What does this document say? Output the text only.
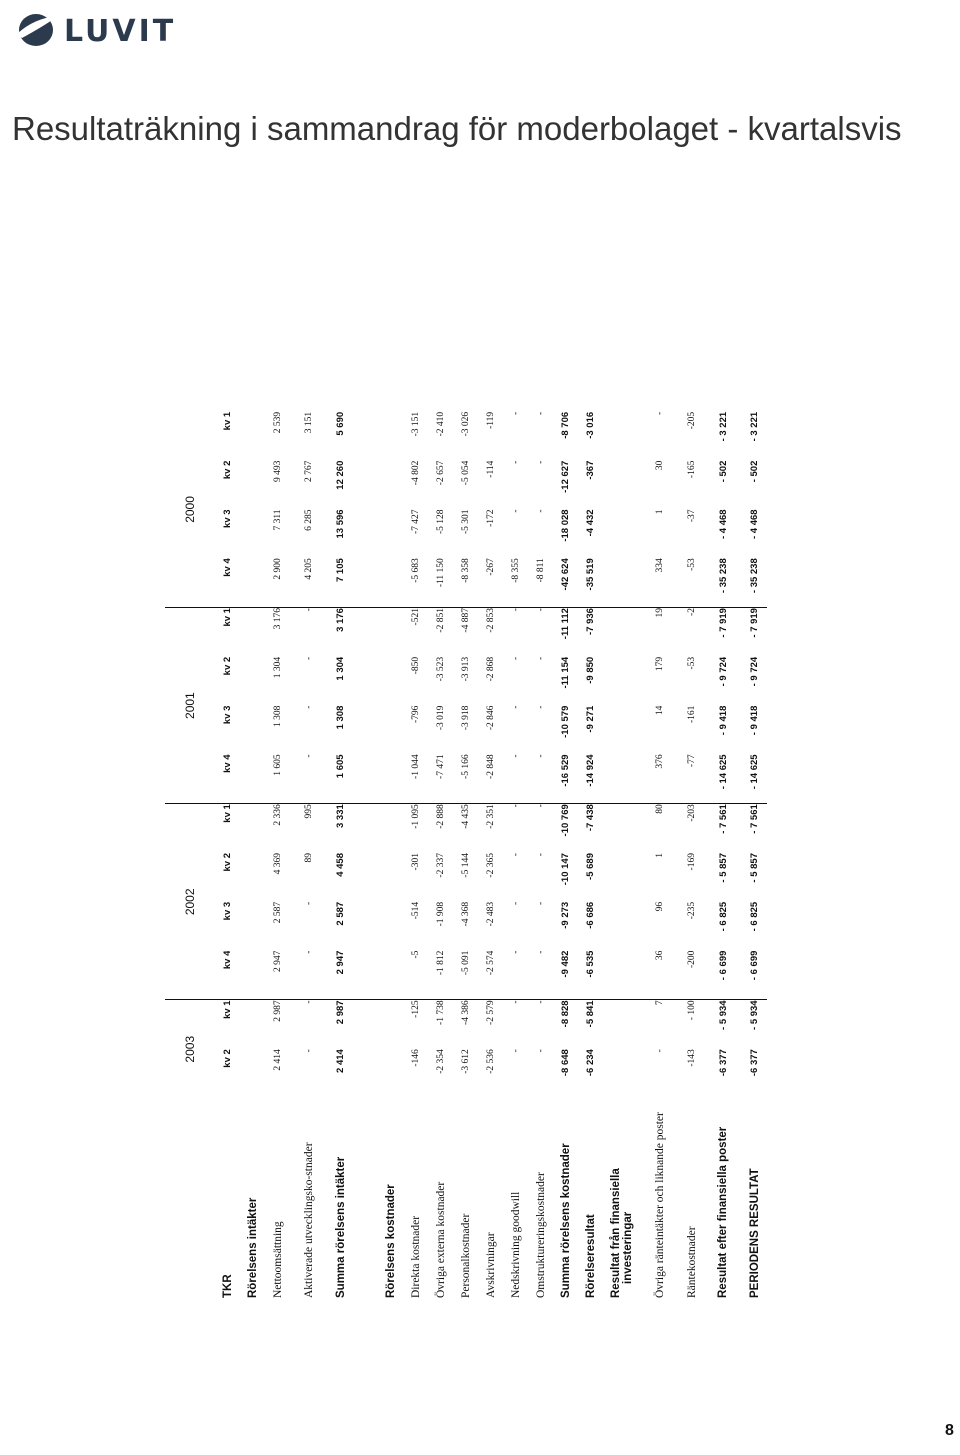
LUVIT
Resultaträkning i sammandrag för moderbolaget - kvartalsvis
	2003		2002				2001				2000			
TKR	kv 2	kv 1	kv 4	kv 3	kv 2	kv 1	kv 4	kv 3	kv 2	kv 1	kv 4	kv 3	kv 2	kv 1
Rörelsens intäkter														
Nettoomsättning	2 414	2 987	2 947	2 587	4 369	2 336	1 605	1 308	1 304	3 176	2 900	7 311	9 493	2 539
Aktiverade utvecklingsko-stnader	-	-	-	-	89	995	-	-	-	-	4 205	6 285	2 767	3 151
Summa rörelsens intäkter	2 414	2 987	2 947	2 587	4 458	3 331	1 605	1 308	1 304	3 176	7 105	13 596	12 260	5 690

Rörelsens kostnader														
Direkta kostnader	-146	-125	-5	-514	-301	-1 095	-1 044	-796	-850	-521	-5 683	-7 427	-4 802	-3 151
Övriga externa kostnader	-2 354	-1 738	-1 812	-1 908	-2 337	-2 888	-7 471	-3 019	-3 523	-2 851	-11 150	-5 128	-2 657	-2 410
Personalkostnader	-3 612	-4 386	-5 091	-4 368	-5 144	-4 435	-5 166	-3 918	-3 913	-4 887	-8 358	-5 301	-5 054	-3 026
Avskrivningar	-2 536	-2 579	-2 574	-2 483	-2 365	-2 351	-2 848	-2 846	-2 868	-2 853	-267	-172	-114	-119
Nedskrivning goodwill	-	-	-	-	-	-	-	-	-	-	-8 355	-	-	-
Omstruktureringskostnader	-	-	-	-	-	-	-	-	-	-	-8 811	-	-	-
Summa rörelsens kostnader	-8 648	-8 828	-9 482	-9 273	-10 147	-10 769	-16 529	-10 579	-11 154	-11 112	-42 624	-18 028	-12 627	-8 706
Rörelseresultat	-6 234	-5 841	-6 535	-6 686	-5 689	-7 438	-14 924	-9 271	-9 850	-7 936	-35 519	-4 432	-367	-3 016
Resultat från finansiella
investeringar														
Övriga ränteintäkter och liknande poster	-	7	36	96	1	80	376	14	179	19	334	1	30	-
Räntekostnader	-143	- 100	-200	-235	-169	-203	-77	-161	-53	-2	-53	-37	-165	-205
Resultat efter finansiella poster	-6 377	- 5 934	- 6 699	- 6 825	- 5 857	- 7 561	- 14 625	- 9 418	- 9 724	- 7 919	- 35 238	- 4 468	- 502	- 3 221
PERIODENS RESULTAT	-6 377	- 5 934	- 6 699	- 6 825	- 5 857	- 7 561	- 14 625	- 9 418	- 9 724	- 7 919	- 35 238	- 4 468	- 502	- 3 221
8
